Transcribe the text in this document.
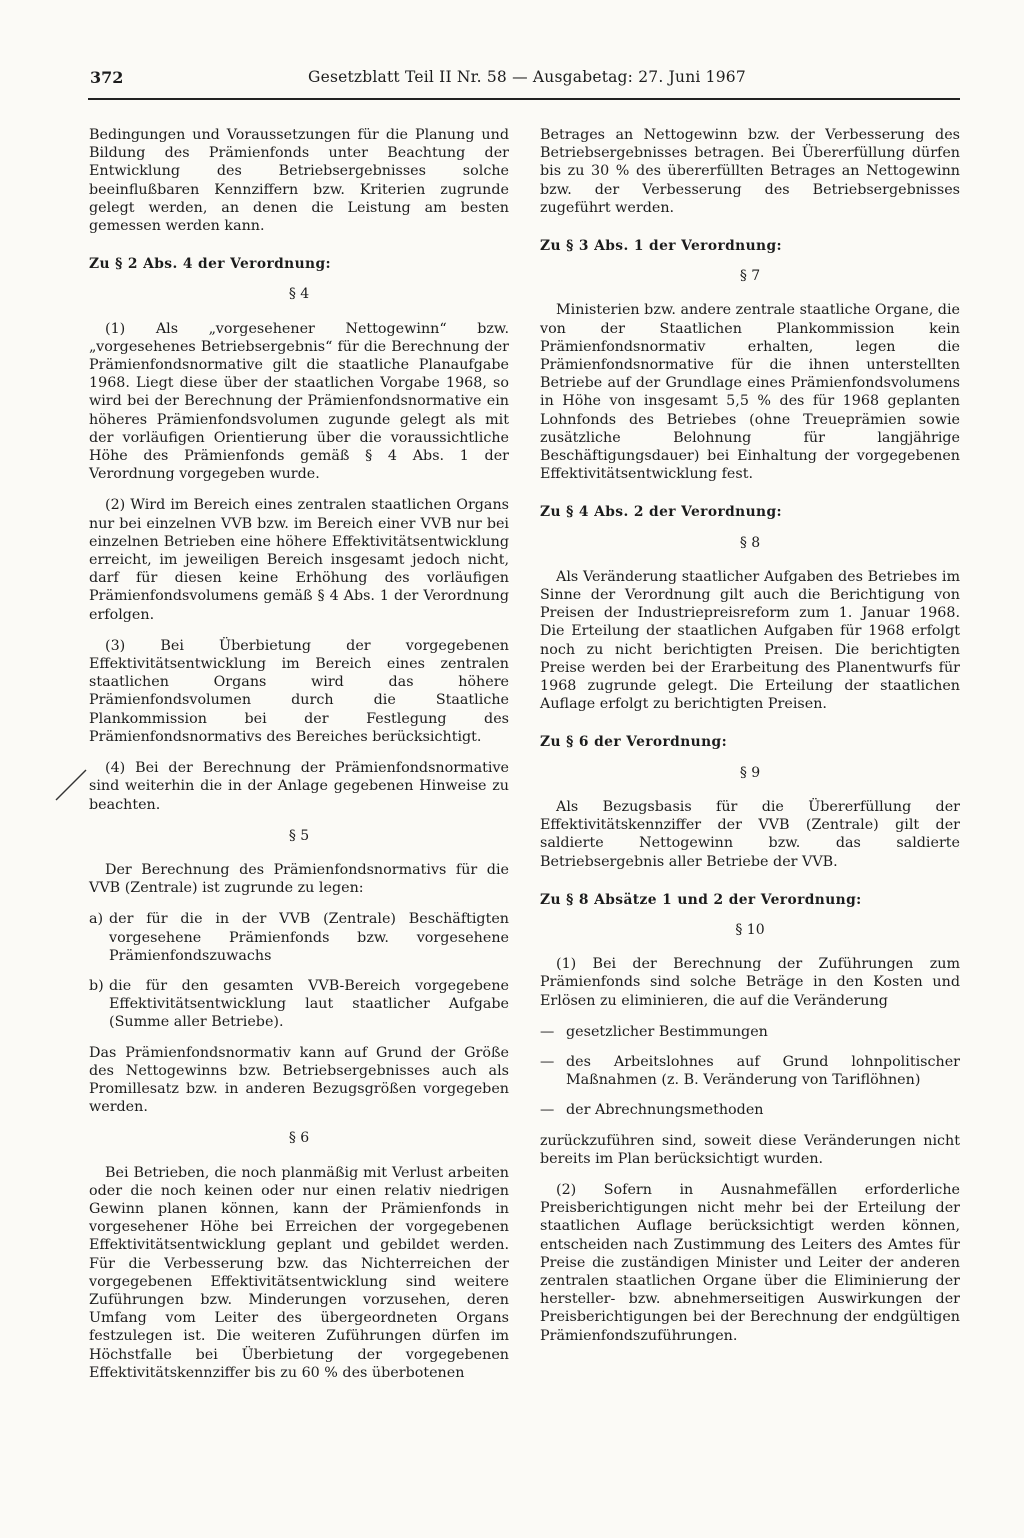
372	Gesetzblatt Teil II Nr. 58 — Ausgabetag: 27. Juni 1967

Bedingungen und Voraussetzungen für die Planung und Bildung des Prämienfonds unter Beachtung der Entwicklung des Betriebsergebnisses solche beeinflußbaren Kennziffern bzw. Kriterien zugrunde gelegt werden, an denen die Leistung am besten gemessen werden kann.

Zu § 2 Abs. 4 der Verordnung:
§ 4

(1) Als „vorgesehener Nettogewinn“ bzw. „vorgesehenes Betriebsergebnis“ für die Berechnung der Prämienfondsnormative gilt die staatliche Planaufgabe 1968. Liegt diese über der staatlichen Vorgabe 1968, so wird bei der Berechnung der Prämienfondsnormative ein höheres Prämienfondsvolumen zugunde gelegt als mit der vorläufigen Orientierung über die voraussichtliche Höhe des Prämienfonds gemäß § 4 Abs. 1 der Verordnung vorgegeben wurde.

(2) Wird im Bereich eines zentralen staatlichen Organs nur bei einzelnen VVB bzw. im Bereich einer VVB nur bei einzelnen Betrieben eine höhere Effektivitätsentwicklung erreicht, im jeweiligen Bereich insgesamt jedoch nicht, darf für diesen keine Erhöhung des vorläufigen Prämienfondsvolumens gemäß § 4 Abs. 1 der Verordnung erfolgen.

(3) Bei Überbietung der vorgegebenen Effektivitätsentwicklung im Bereich eines zentralen staatlichen Organs wird das höhere Prämienfondsvolumen durch die Staatliche Plankommission bei der Festlegung des Prämienfondsnormativs des Bereiches berücksichtigt.

(4) Bei der Berechnung der Prämienfondsnormative sind weiterhin die in der Anlage gegebenen Hinweise zu beachten.

§ 5

Der Berechnung des Prämienfondsnormativs für die VVB (Zentrale) ist zugrunde zu legen:

a) der für die in der VVB (Zentrale) Beschäftigten vorgesehene Prämienfonds bzw. vorgesehene Prämienfondszuwachs
b) die für den gesamten VVB-Bereich vorgegebene Effektivitätsentwicklung laut staatlicher Aufgabe (Summe aller Betriebe).

Das Prämienfondsnormativ kann auf Grund der Größe des Nettogewinns bzw. Betriebsergebnisses auch als Promillesatz bzw. in anderen Bezugsgrößen vorgegeben werden.

§ 6

Bei Betrieben, die noch planmäßig mit Verlust arbeiten oder die noch keinen oder nur einen relativ niedrigen Gewinn planen können, kann der Prämienfonds in vorgesehener Höhe bei Erreichen der vorgegebenen Effektivitätsentwicklung geplant und gebildet werden. Für die Verbesserung bzw. das Nichterreichen der vorgegebenen Effektivitätsentwicklung sind weitere Zuführungen bzw. Minderungen vorzusehen, deren Umfang vom Leiter des übergeordneten Organs festzulegen ist. Die weiteren Zuführungen dürfen im Höchstfalle bei Überbietung der vorgegebenen Effektivitätskennziffer bis zu 60 % des überbotenen

Betrages an Nettogewinn bzw. der Verbesserung des Betriebsergebnisses betragen. Bei Übererfüllung dürfen bis zu 30 % des übererfüllten Betrages an Nettogewinn bzw. der Verbesserung des Betriebsergebnisses zugeführt werden.

Zu § 3 Abs. 1 der Verordnung:
§ 7

Ministerien bzw. andere zentrale staatliche Organe, die von der Staatlichen Plankommission kein Prämienfondsnormativ erhalten, legen die Prämienfondsnormative für die ihnen unterstellten Betriebe auf der Grundlage eines Prämienfondsvolumens in Höhe von insgesamt 5,5 % des für 1968 geplanten Lohnfonds des Betriebes (ohne Treueprämien sowie zusätzliche Belohnung für langjährige Beschäftigungsdauer) bei Einhaltung der vorgegebenen Effektivitätsentwicklung fest.

Zu § 4 Abs. 2 der Verordnung:
§ 8

Als Veränderung staatlicher Aufgaben des Betriebes im Sinne der Verordnung gilt auch die Berichtigung von Preisen der Industriepreisreform zum 1. Januar 1968. Die Erteilung der staatlichen Aufgaben für 1968 erfolgt noch zu nicht berichtigten Preisen. Die berichtigten Preise werden bei der Erarbeitung des Planentwurfs für 1968 zugrunde gelegt. Die Erteilung der staatlichen Auflage erfolgt zu berichtigten Preisen.

Zu § 6 der Verordnung:
§ 9

Als Bezugsbasis für die Übererfüllung der Effektivitätskennziffer der VVB (Zentrale) gilt der saldierte Nettogewinn bzw. das saldierte Betriebsergebnis aller Betriebe der VVB.

Zu § 8 Absätze 1 und 2 der Verordnung:
§ 10

(1) Bei der Berechnung der Zuführungen zum Prämienfonds sind solche Beträge in den Kosten und Erlösen zu eliminieren, die auf die Veränderung

— gesetzlicher Bestimmungen
— des Arbeitslohnes auf Grund lohnpolitischer Maßnahmen (z. B. Veränderung von Tariflöhnen)
— der Abrechnungsmethoden

zurückzuführen sind, soweit diese Veränderungen nicht bereits im Plan berücksichtigt wurden.

(2) Sofern in Ausnahmefällen erforderliche Preisberichtigungen nicht mehr bei der Erteilung der staatlichen Auflage berücksichtigt werden können, entscheiden nach Zustimmung des Leiters des Amtes für Preise die zuständigen Minister und Leiter der anderen zentralen staatlichen Organe über die Eliminierung der hersteller- bzw. abnehmerseitigen Auswirkungen der Preisberichtigungen bei der Berechnung der endgültigen Prämienfondszuführungen.
